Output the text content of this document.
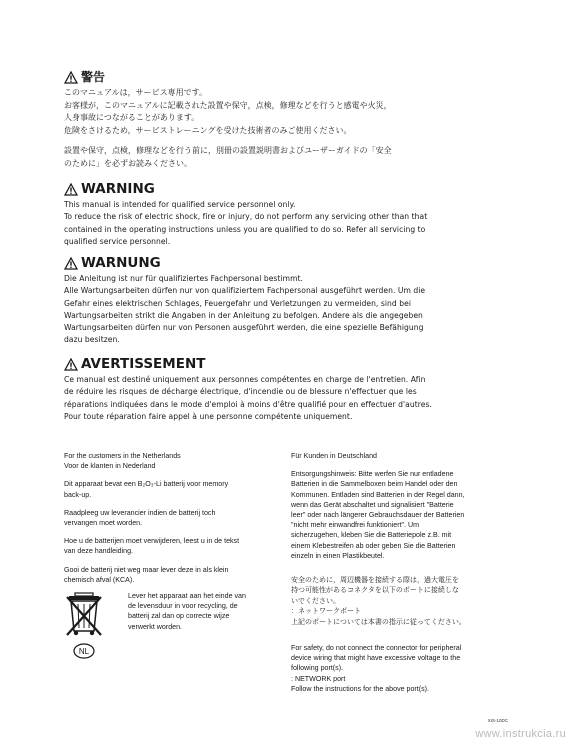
警告

このマニュアルは，サービス専用です。

お客様が，このマニュアルに記載された設置や保守，点検，修理などを行うと感電や火災，

人身事故につながることがあります。

危険をさけるため，サービストレーニングを受けた技術者のみご使用ください。

設置や保守，点検，修理などを行う前に，別冊の設置説明書およびユーザーガイドの「安全

のために」を必ずお読みください。

WARNING

This manual is intended for qualified service personnel only.

To reduce the risk of electric shock, fire or injury, do not perform any servicing other than that

contained in the operating instructions unless you are qualified to do so. Refer all servicing to

qualified service personnel.

WARNUNG

Die Anleitung ist nur für qualifiziertes Fachpersonal bestimmt.

Alle Wartungsarbeiten dürfen nur von qualifiziertem Fachpersonal ausgeführt werden. Um die

Gefahr eines elektrischen Schlages, Feuergefahr und Verletzungen zu vermeiden, sind bei

Wartungsarbeiten strikt die Angaben in der Anleitung zu befolgen. Andere als die angegeben

Wartungsarbeiten dürfen nur von Personen ausgeführt werden, die eine spezielle Befähigung

dazu besitzen.

AVERTISSEMENT

Ce manual est destiné uniquement aux personnes compétentes en charge de l'entretien. Afin

de réduire les risques de décharge électrique, d'incendie ou de blessure n'effectuer que les

réparations indiquées dans le mode d'emploi à moins d'être qualifié pour en effectuer d'autres.

Pour toute réparation faire appel à une personne compétente uniquement.

For the customers in the Netherlands

Voor de klanten in Nederland

Dit apparaat bevat een B₂O₃-Li batterij voor memory

back-up.

Raadpleeg uw leverancier indien de batterij toch

vervangen moet worden.

Hoe u de batterijen moet verwijderen, leest u in de tekst

van deze handleiding.

Gooi de batterij niet weg maar lever deze in als klein

chemisch afval (KCA).

NL

Lever het apparaat aan het einde van

de levensduur in voor recycling, de

batterij zal dan op correcte wijze

verwerkt worden.

Für Kunden in Deutschland

Entsorgungshinweis: Bitte werfen Sie nur entladene

Batterien in die Sammelboxen beim Handel oder den

Kommunen. Entladen sind Batterien in der Regel dann,

wenn das Gerät abschaltet und signalisiert "Batterie

leer" oder nach längerer Gebrauchsdauer der Batterien

"nicht mehr einwandfrei funktioniert". Um

sicherzugehen, kleben Sie die Batteriepole z.B. mit

einem Klebestreifen ab oder geben Sie die Batterien

einzeln in einen Plastikbeutel.

安全のために，周辺機器を接続する際は，過大電圧を

持つ可能性があるコネクタを以下のポートに接続しな

いでください。

：ネットワークポート

上記のポートについては本書の指示に従ってください。

For safety, do not connect the connector for peripheral

device wiring that might have excessive voltage to the

following port(s).

: NETWORK port

Follow the instructions for the above port(s).

XIS-10DC
www.instrukcia.ru
